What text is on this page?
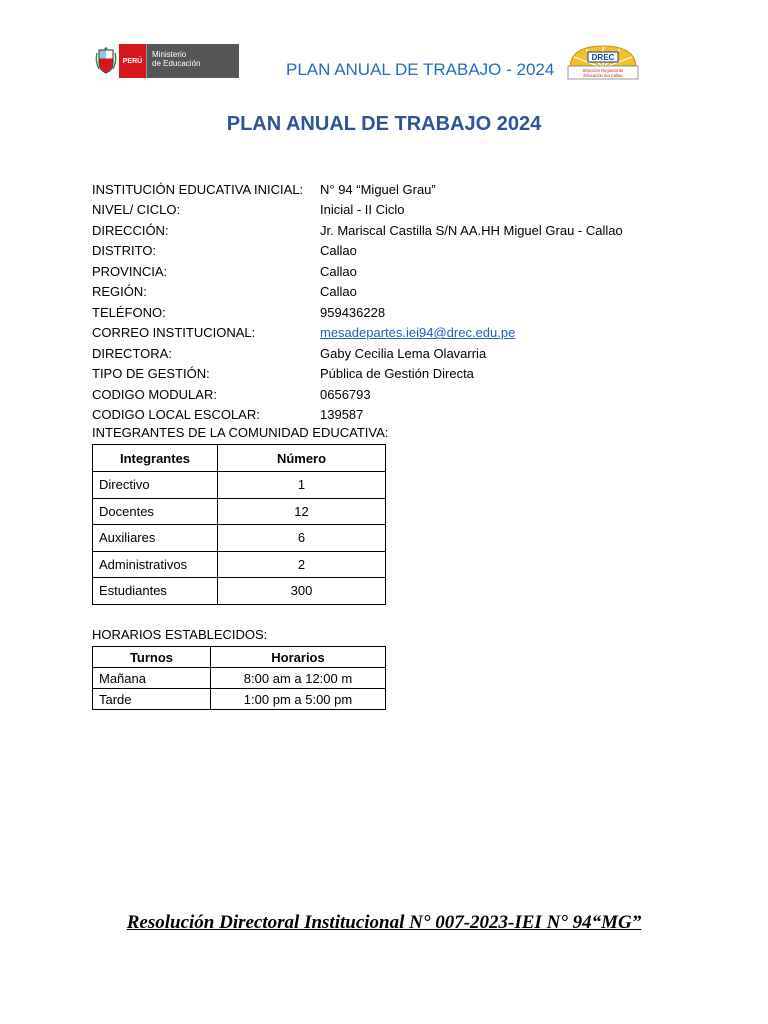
PERÚ
Ministerio
de Educación	PLAN ANUAL DE TRABAJO - 2024
DREC
Dirección Regional de
Educación del Callao
PLAN ANUAL DE TRABAJO 2024
INSTITUCIÓN EDUCATIVA INICIAL:	N° 94 “Miguel Grau”
NIVEL/ CICLO:	Inicial - II Ciclo
DIRECCIÓN:	Jr. Mariscal Castilla S/N AA.HH Miguel Grau - Callao
DISTRITO:	Callao
PROVINCIA:	Callao
REGIÓN:	Callao
TELÉFONO:	959436228
CORREO INSTITUCIONAL:	mesadepartes.iei94@drec.edu.pe
DIRECTORA:	Gaby Cecilia Lema Olavarria
TIPO DE GESTIÓN:	Pública de Gestión Directa
CODIGO MODULAR:	0656793
CODIGO LOCAL ESCOLAR:	139587
INTEGRANTES DE LA COMUNIDAD EDUCATIVA:
Integrantes	Número
Directivo	1
Docentes	12
Auxiliares	6
Administrativos	2
Estudiantes	300
HORARIOS ESTABLECIDOS:
Turnos	Horarios
Mañana	8:00 am a 12:00 m
Tarde	1:00 pm a 5:00 pm
Resolución Directoral Institucional N° 007-2023-IEI N° 94“MG”
